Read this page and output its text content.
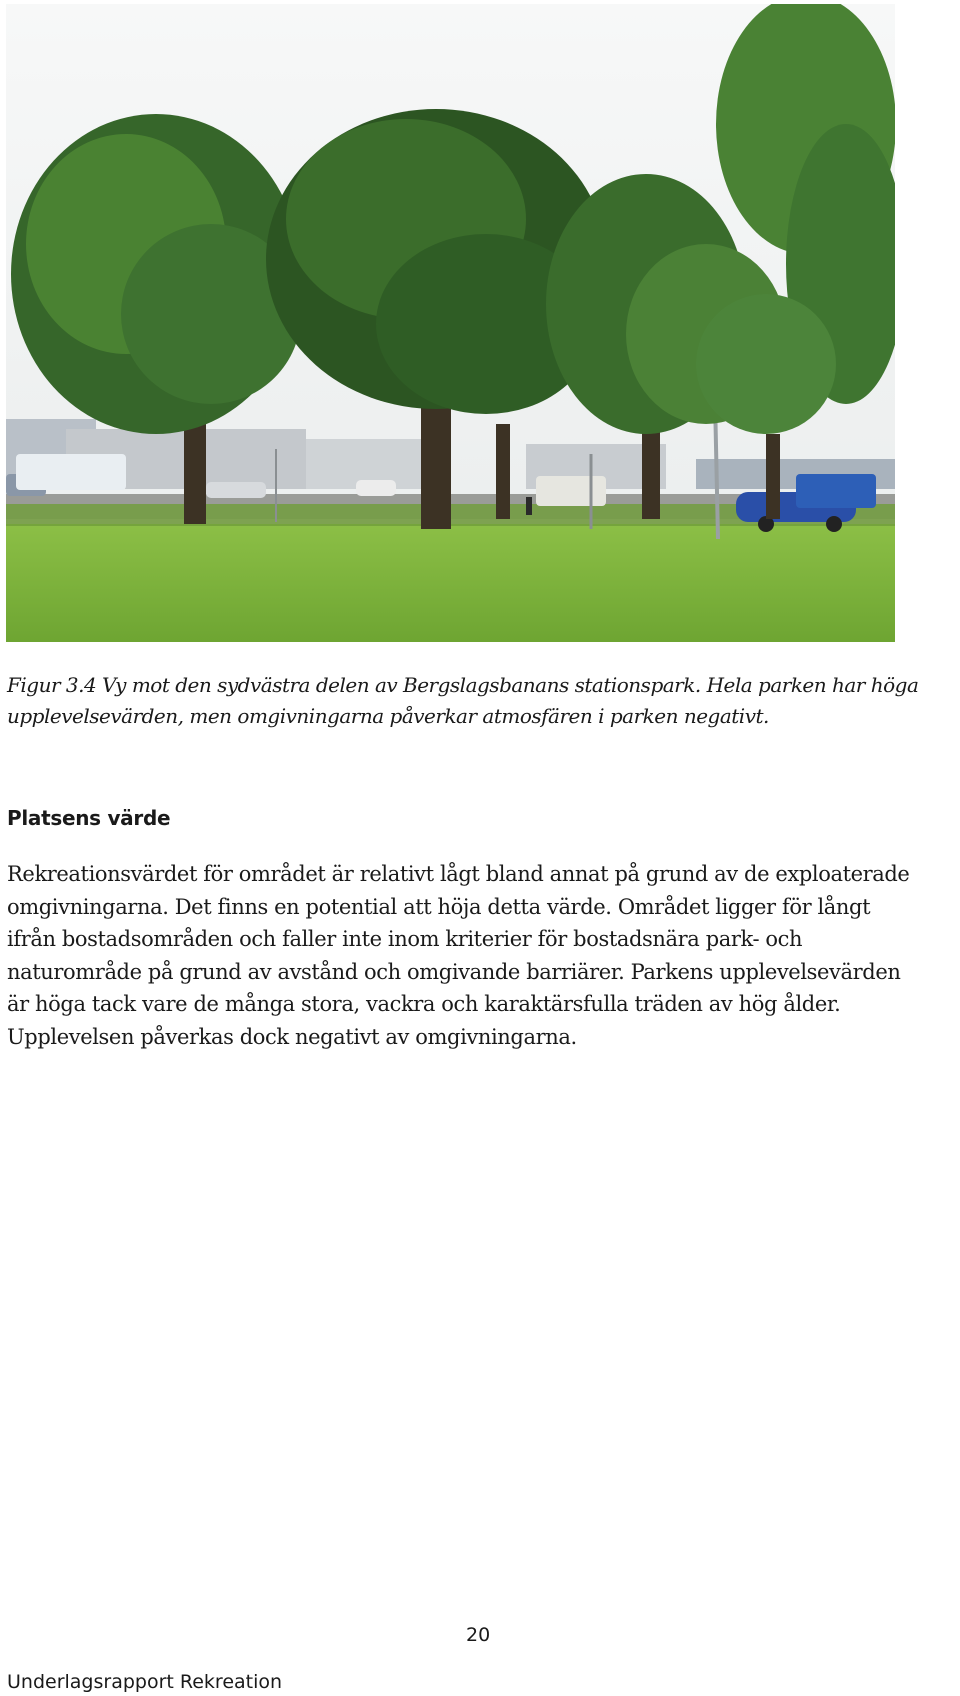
Figur 3.4 Vy mot den sydvästra delen av Bergslagsbanans stationspark. Hela parken har höga
upplevelsevärden, men omgivningarna påverkar atmosfären i parken negativt.
Platsens värde
Rekreationsvärdet för området är relativt lågt bland annat på grund av de exploaterade
omgivningarna. Det finns en potential att höja detta värde. Området ligger för långt
ifrån bostadsområden och faller inte inom kriterier för bostadsnära park- och
naturområde på grund av avstånd och omgivande barriärer. Parkens upplevelsevärden
är höga tack vare de många stora, vackra och karaktärsfulla träden av hög ålder.
Upplevelsen påverkas dock negativt av omgivningarna.
20
Underlagsrapport Rekreation
